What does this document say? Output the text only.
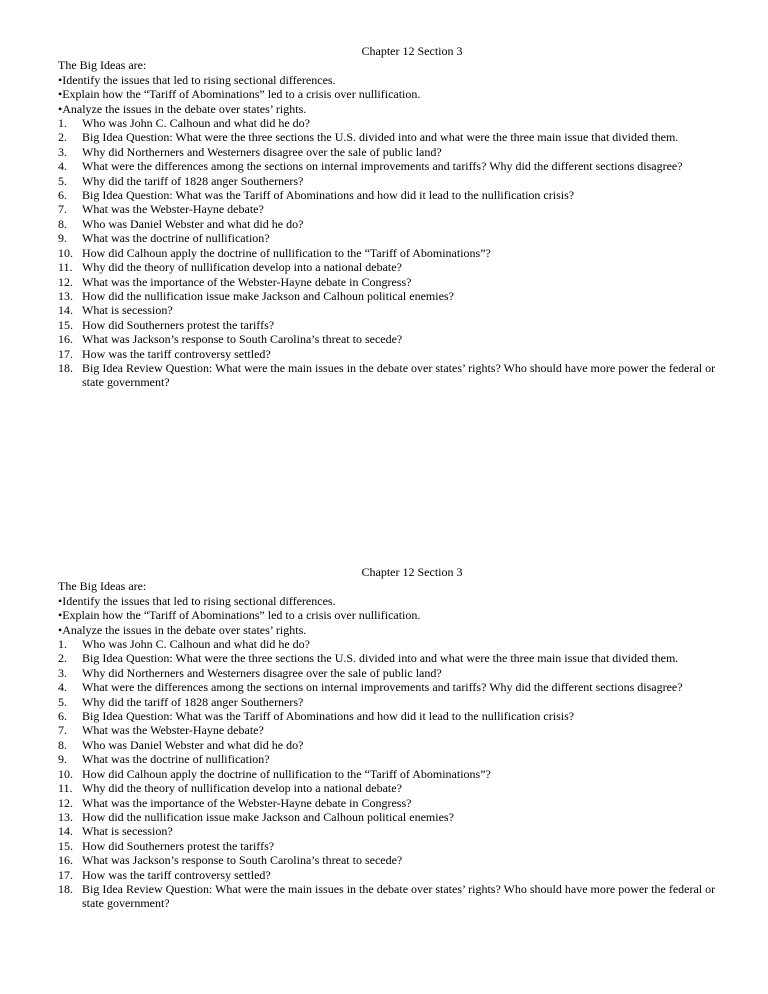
Chapter 12 Section 3

The Big Ideas are:

•Identify the issues that led to rising sectional differences.
•Explain how the “Tariff of Abominations” led to a crisis over nullification.
•Analyze the issues in the debate over states’ rights.
1.	Who was John C. Calhoun and what did he do?
2.	Big Idea Question: What were the three sections the U.S. divided into and what were the three main issue that divided them.
3.	Why did Northerners and Westerners disagree over the sale of public land?
4.	What were the differences among the sections on internal improvements and tariffs? Why did the different sections disagree?
5.	Why did the tariff of 1828 anger Southerners?
6.	Big Idea Question: What was the Tariff of Abominations and how did it lead to the nullification crisis?
7.	What was the Webster-Hayne debate?
8.	Who was Daniel Webster and what did he do?
9.	What was the doctrine of nullification?
10. How did Calhoun apply the doctrine of nullification to the “Tariff of Abominations”?
11. Why did the theory of nullification develop into a national debate?
12. What was the importance of the Webster-Hayne debate in Congress?
13. How did the nullification issue make Jackson and Calhoun political enemies?
14. What is secession?
15. How did Southerners protest the tariffs?
16. What was Jackson’s response to South Carolina’s threat to secede?
17. How was the tariff controversy settled?
18. Big Idea Review Question: What were the main issues in the debate over states’ rights? Who should have more power the federal or state government?

Chapter 12 Section 3

The Big Ideas are:

•Identify the issues that led to rising sectional differences.
•Explain how the “Tariff of Abominations” led to a crisis over nullification.
•Analyze the issues in the debate over states’ rights.
1.	Who was John C. Calhoun and what did he do?
2.	Big Idea Question: What were the three sections the U.S. divided into and what were the three main issue that divided them.
3.	Why did Northerners and Westerners disagree over the sale of public land?
4.	What were the differences among the sections on internal improvements and tariffs? Why did the different sections disagree?
5.	Why did the tariff of 1828 anger Southerners?
6.	Big Idea Question: What was the Tariff of Abominations and how did it lead to the nullification crisis?
7.	What was the Webster-Hayne debate?
8.	Who was Daniel Webster and what did he do?
9.	What was the doctrine of nullification?
10. How did Calhoun apply the doctrine of nullification to the “Tariff of Abominations”?
11. Why did the theory of nullification develop into a national debate?
12. What was the importance of the Webster-Hayne debate in Congress?
13. How did the nullification issue make Jackson and Calhoun political enemies?
14. What is secession?
15. How did Southerners protest the tariffs?
16. What was Jackson’s response to South Carolina’s threat to secede?
17. How was the tariff controversy settled?
18. Big Idea Review Question: What were the main issues in the debate over states’ rights? Who should have more power the federal or state government?
